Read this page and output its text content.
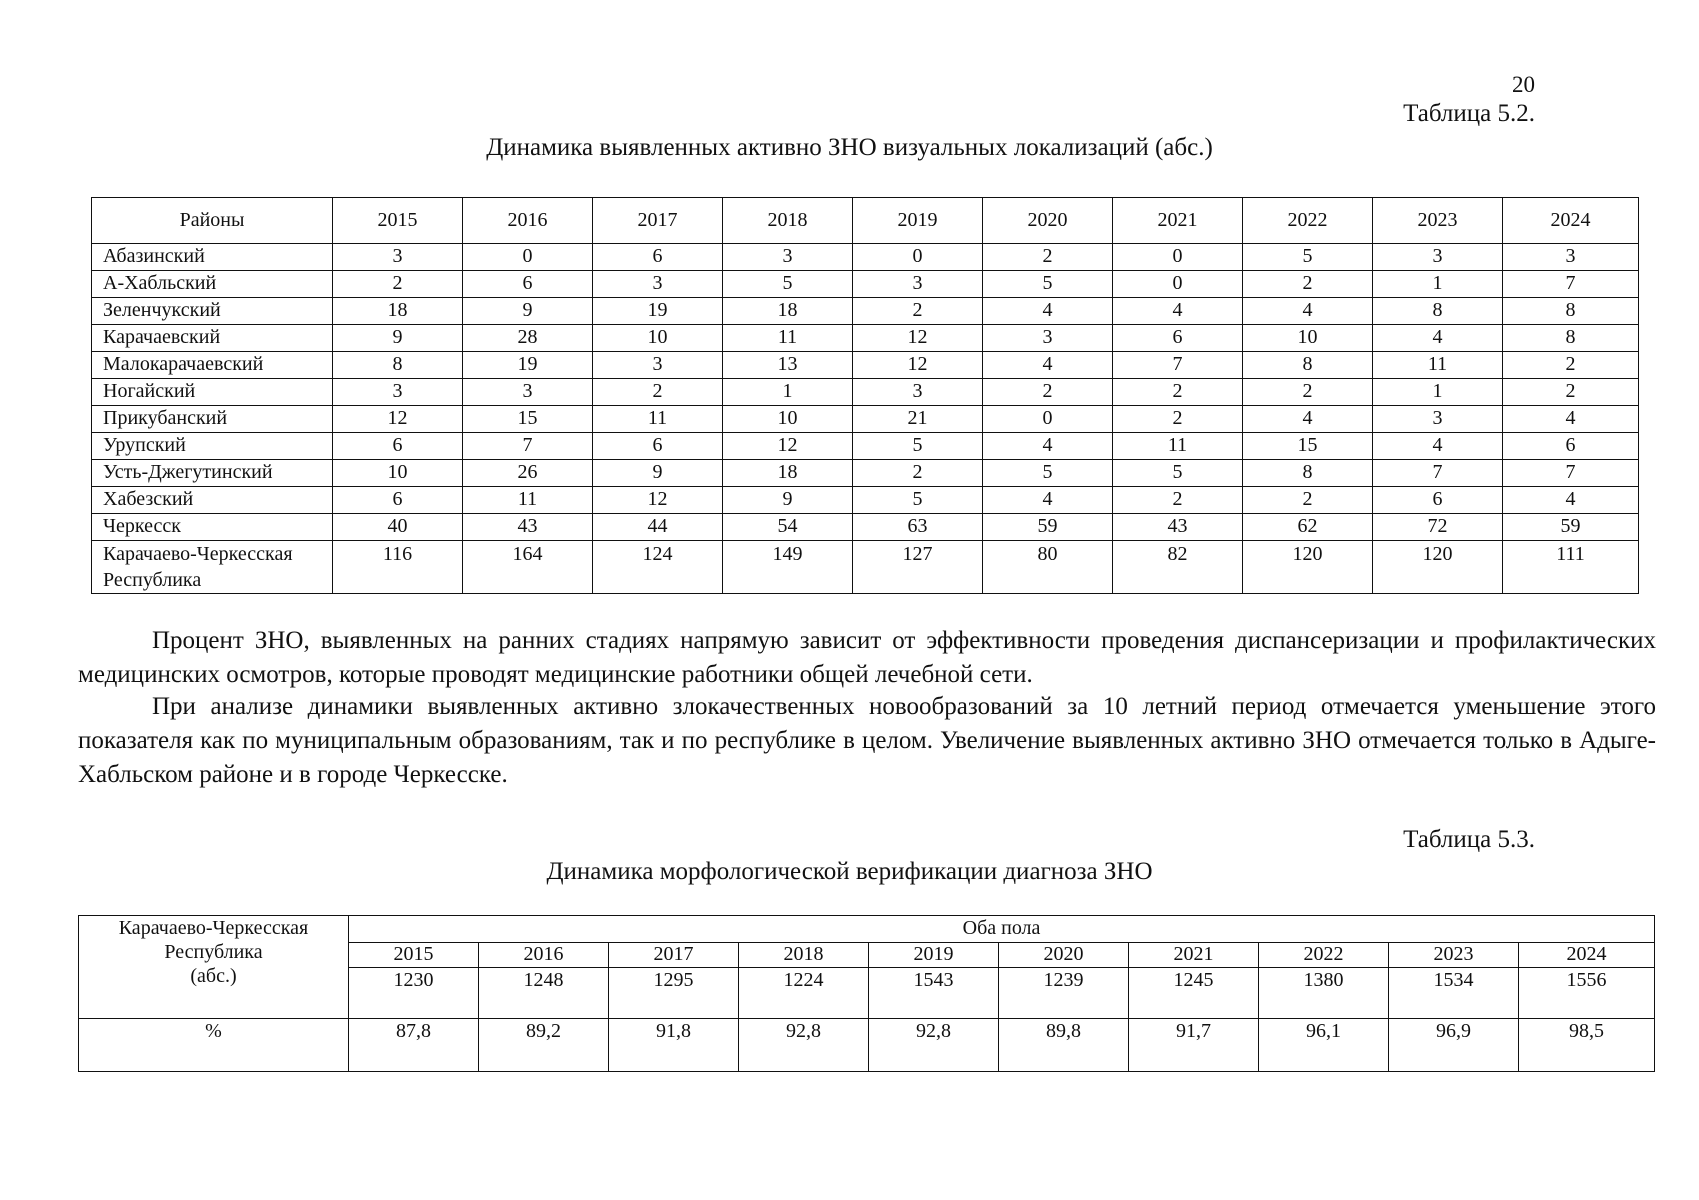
20
Таблица 5.2.
Динамика выявленных активно ЗНО визуальных локализаций (абс.)
Районы	2015	2016	2017	2018	2019	2020	2021	2022	2023	2024
Абазинский	3	0	6	3	0	2	0	5	3	3
А-Хабльский	2	6	3	5	3	5	0	2	1	7
Зеленчукский	18	9	19	18	2	4	4	4	8	8
Карачаевский	9	28	10	11	12	3	6	10	4	8
Малокарачаевский	8	19	3	13	12	4	7	8	11	2
Ногайский	3	3	2	1	3	2	2	2	1	2
Прикубанский	12	15	11	10	21	0	2	4	3	4
Урупский	6	7	6	12	5	4	11	15	4	6
Усть-Джегутинский	10	26	9	18	2	5	5	8	7	7
Хабезский	6	11	12	9	5	4	2	2	6	4
Черкесск	40	43	44	54	63	59	43	62	72	59

Карачаево-Черкесская
Республика	116	164	124	149	127	80	82	120	120	111
Процент ЗНО, выявленных на ранних стадиях напрямую зависит от эффективности проведения диспансеризации и профилактических медицинских осмотров, которые проводят медицинские работники общей лечебной сети.
При анализе динамики выявленных активно злокачественных новообразований за 10 летний период отмечается уменьшение этого показателя как по муниципальным образованиям, так и по республике в целом. Увеличение выявленных активно ЗНО отмечается только в Адыге-Хабльском районе и в городе Черкесске.
Таблица 5.3.
Динамика морфологической верификации диагноза ЗНО
Карачаево-Черкесская
Республика
(абс.)	Оба пола									
	2015	2016	2017	2018	2019	2020	2021	2022	2023	2024
	1230	1248	1295	1224	1543	1239	1245	1380	1534	1556
%	87,8	89,2	91,8	92,8	92,8	89,8	91,7	96,1	96,9	98,5
